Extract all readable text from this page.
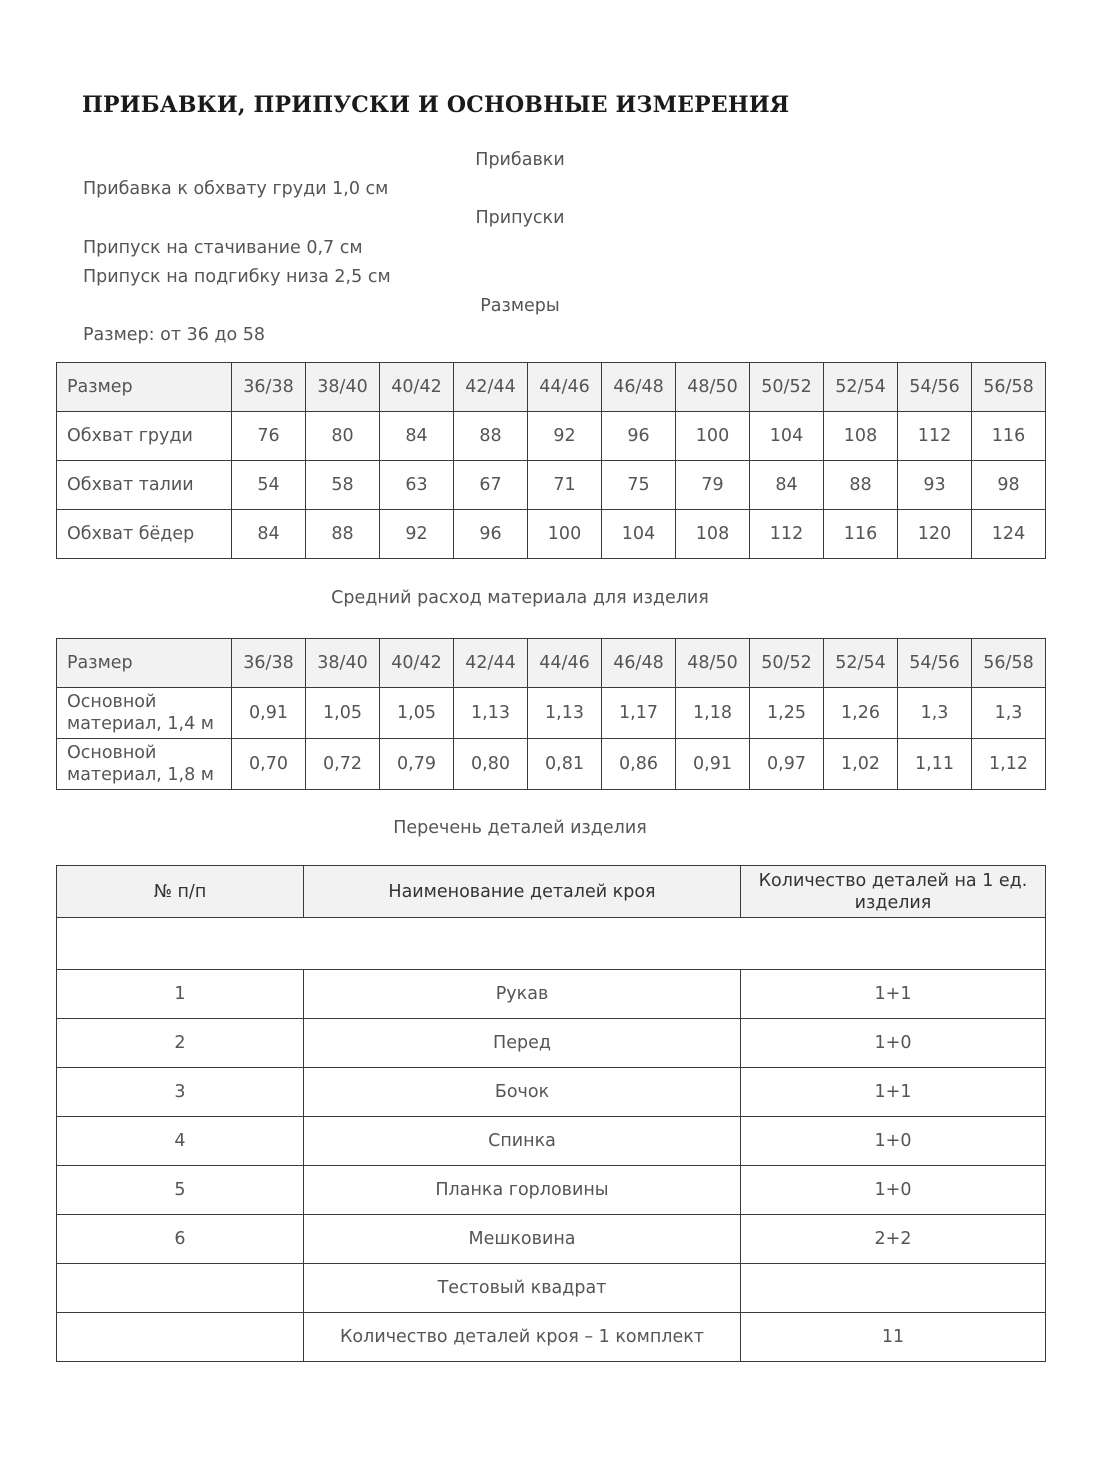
ПРИБАВКИ, ПРИПУСКИ И ОСНОВНЫЕ ИЗМЕРЕНИЯ
Прибавки
Прибавка к обхвату груди 1,0 см
Припуски
Припуск на стачивание 0,7 см
Припуск на подгибку низа 2,5 см
Размеры
Размер: от 36 до 58
Размер	36/38	38/40	40/42	42/44	44/46	46/48	48/50	50/52	52/54	54/56	56/58
Обхват груди	76	80	84	88	92	96	100	104	108	112	116
Обхват талии	54	58	63	67	71	75	79	84	88	93	98
Обхват бёдер	84	88	92	96	100	104	108	112	116	120	124
Средний расход материала для изделия
Размер	36/38	38/40	40/42	42/44	44/46	46/48	48/50	50/52	52/54	54/56	56/58
Основной материал, 1,4 м	0,91	1,05	1,05	1,13	1,13	1,17	1,18	1,25	1,26	1,3	1,3
Основной материал, 1,8 м	0,70	0,72	0,79	0,80	0,81	0,86	0,91	0,97	1,02	1,11	1,12
Перечень деталей изделия
№ п/п	Наименование деталей кроя	Количество деталей на 1 ед. изделия

1	Рукав	1+1
2	Перед	1+0
3	Бочок	1+1
4	Спинка	1+0
5	Планка горловины	1+0
6	Мешковина	2+2
	Тестовый квадрат	
	Количество деталей кроя – 1 комплект	11
